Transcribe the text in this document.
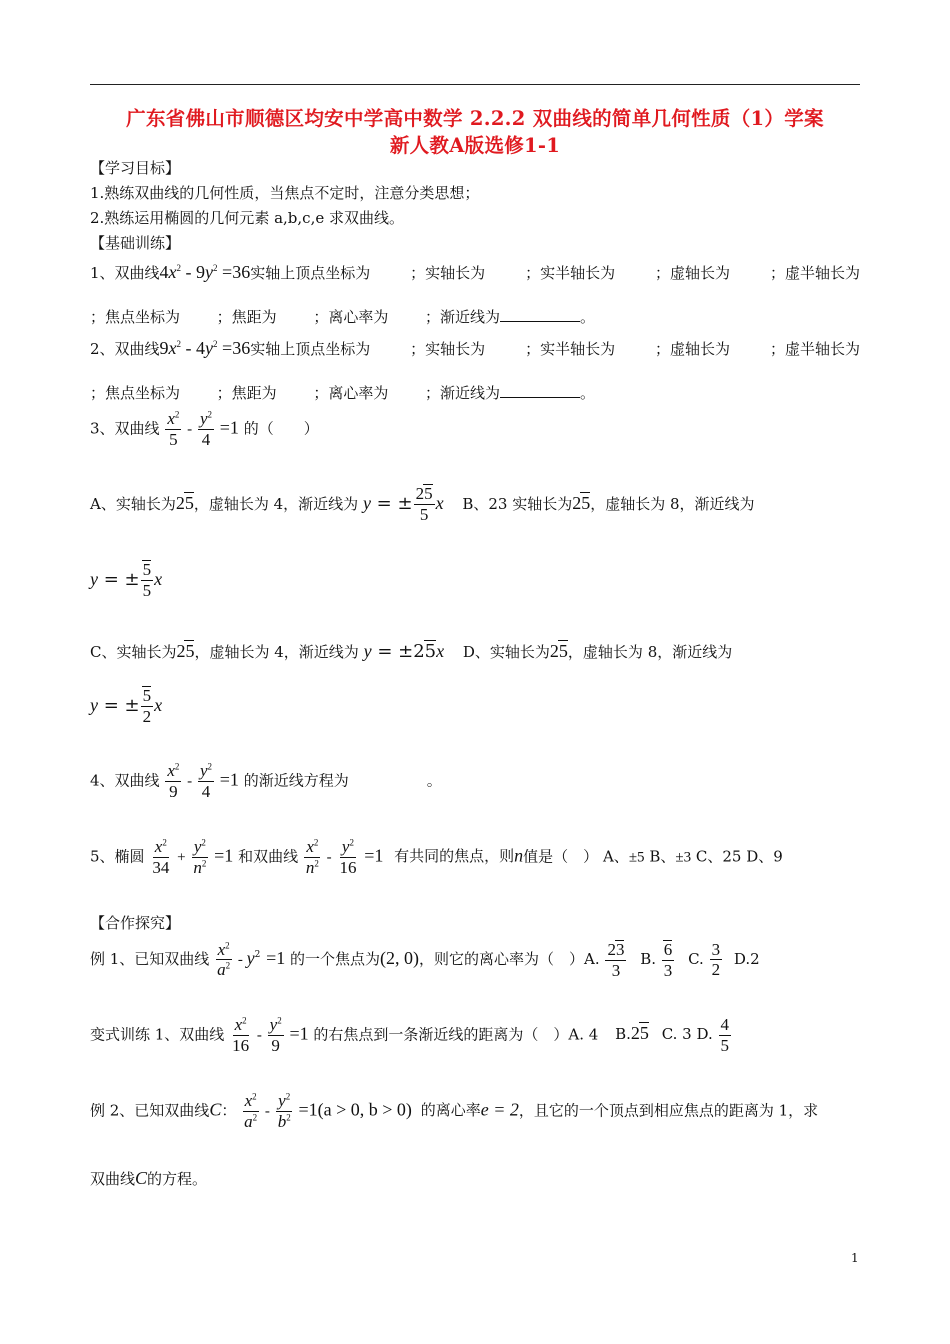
广东省佛山市顺德区均安中学高中数学 2.2.2 双曲线的简单几何性质（1）学案
新人教A版选修1-1
【学习目标】
1.熟练双曲线的几何性质，当焦点不定时，注意分类思想；
2.熟练运用椭圆的几何元素 a,b,c,e 求双曲线。
【基础训练】
1、双曲线$4x^2 - 9y^2 =36$实轴上顶点坐标为	；实轴长为	；实半轴长为	；虚轴长为	；虚半轴长为
；焦点坐标为 ；焦距为 ；离心率为 ；渐近线为	。
2、双曲线$9x^2 - 4y^2 =36$实轴上顶点坐标为	；实轴长为	；实半轴长为	；虚轴长为	；虚半轴长为
；焦点坐标为 ；焦距为 ；离心率为 ；渐近线为	。
3、双曲线 $\frac{x^2}{5} - \frac{y^2}{4} =1$ 的（　　）
A、实轴长为25，虚轴长为 4，渐近线为 y = ± $\frac{25}{5}$ x B、23 实轴长为25，虚轴长为 8，渐近线为
y = ± $\frac{5}{5}$ x
C、实轴长为25，虚轴长为 4，渐近线为 y = ±25x D、实轴长为25，虚轴长为 8，渐近线为
y = ± $\frac{5}{2}$ x
4、双曲线 $\frac{x^2}{9} - \frac{y^2}{4} =1$ 的渐近线方程为	。
5、椭圆 $\frac{x^2}{34} + \frac{y^2}{n^2} =1$ 和双曲线 $\frac{x^2}{n^2} - \frac{y^2}{16} =1$ 有共同的焦点，则n值是（　） A、±5 B、±3 C、25 D、9
【合作探究】
例 1、已知双曲线 $\frac{x^2}{a^2} - y^2 =1$ 的一个焦点为(2, 0)，则它的离心率为（　）A. $\frac{23}{3} B$. $\frac{6}{3} C$. $\frac{3}{2} D.2$
变式训练 1、双曲线 $\frac{x^2}{16} - \frac{y^2}{9} =1$ 的右焦点到一条渐近线的距离为（　）A. 4 B.25 C. 3 D. $\frac{4}{5}$
例 2、已知双曲线C： $\frac{x^2}{a^2} - \frac{y^2}{b^2} =1(a > 0$, b > 0) 的离心率e = 2，且它的一个顶点到相应焦点的距离为 1，求
双曲线C的方程。
1
